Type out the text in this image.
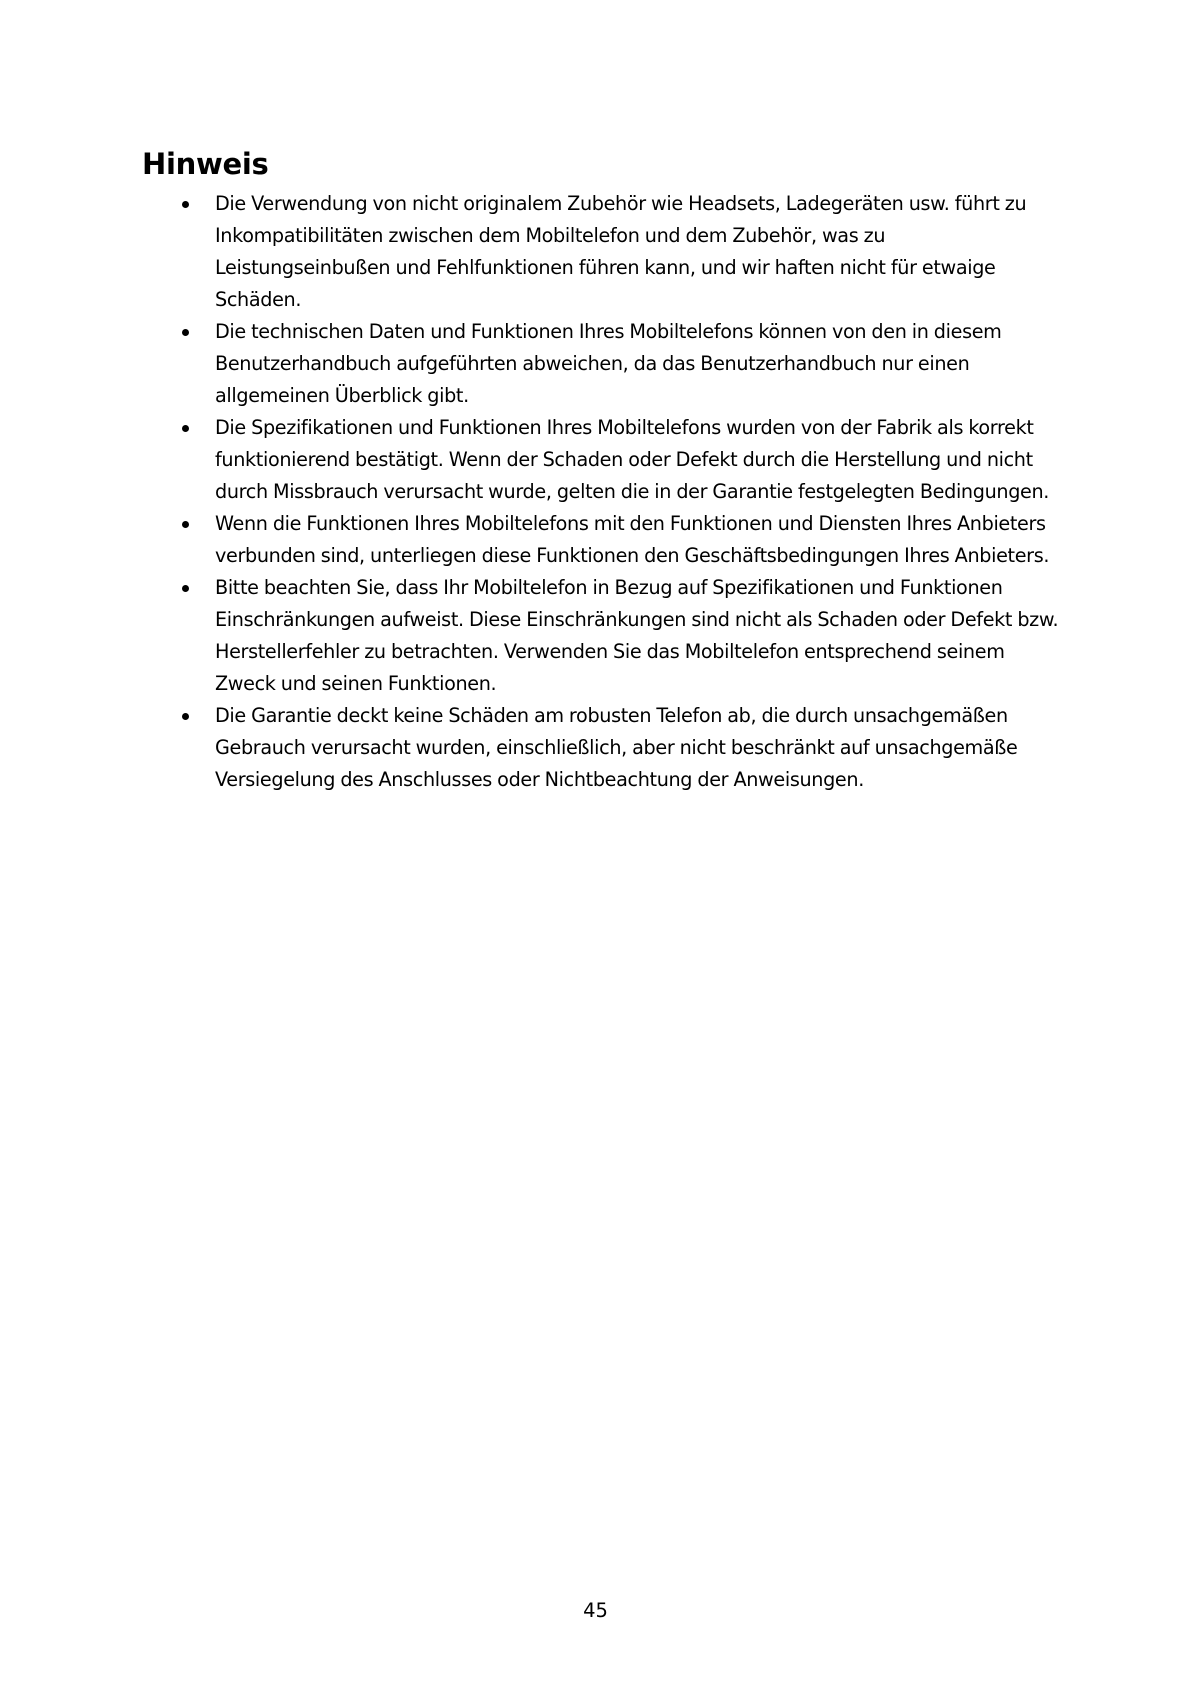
Hinweis
Die Verwendung von nicht originalem Zubehör wie Headsets, Ladegeräten usw. führt zu Inkompatibilitäten zwischen dem Mobiltelefon und dem Zubehör, was zu Leistungseinbußen und Fehlfunktionen führen kann, und wir haften nicht für etwaige Schäden.
Die technischen Daten und Funktionen Ihres Mobiltelefons können von den in diesem Benutzerhandbuch aufgeführten abweichen, da das Benutzerhandbuch nur einen allgemeinen Überblick gibt.
Die Spezifikationen und Funktionen Ihres Mobiltelefons wurden von der Fabrik als korrekt funktionierend bestätigt. Wenn der Schaden oder Defekt durch die Herstellung und nicht durch Missbrauch verursacht wurde, gelten die in der Garantie festgelegten Bedingungen.
Wenn die Funktionen Ihres Mobiltelefons mit den Funktionen und Diensten Ihres Anbieters verbunden sind, unterliegen diese Funktionen den Geschäftsbedingungen Ihres Anbieters.
Bitte beachten Sie, dass Ihr Mobiltelefon in Bezug auf Spezifikationen und Funktionen Einschränkungen aufweist. Diese Einschränkungen sind nicht als Schaden oder Defekt bzw. Herstellerfehler zu betrachten. Verwenden Sie das Mobiltelefon entsprechend seinem Zweck und seinen Funktionen.
Die Garantie deckt keine Schäden am robusten Telefon ab, die durch unsachgemäßen Gebrauch verursacht wurden, einschließlich, aber nicht beschränkt auf unsachgemäße Versiegelung des Anschlusses oder Nichtbeachtung der Anweisungen.
45
